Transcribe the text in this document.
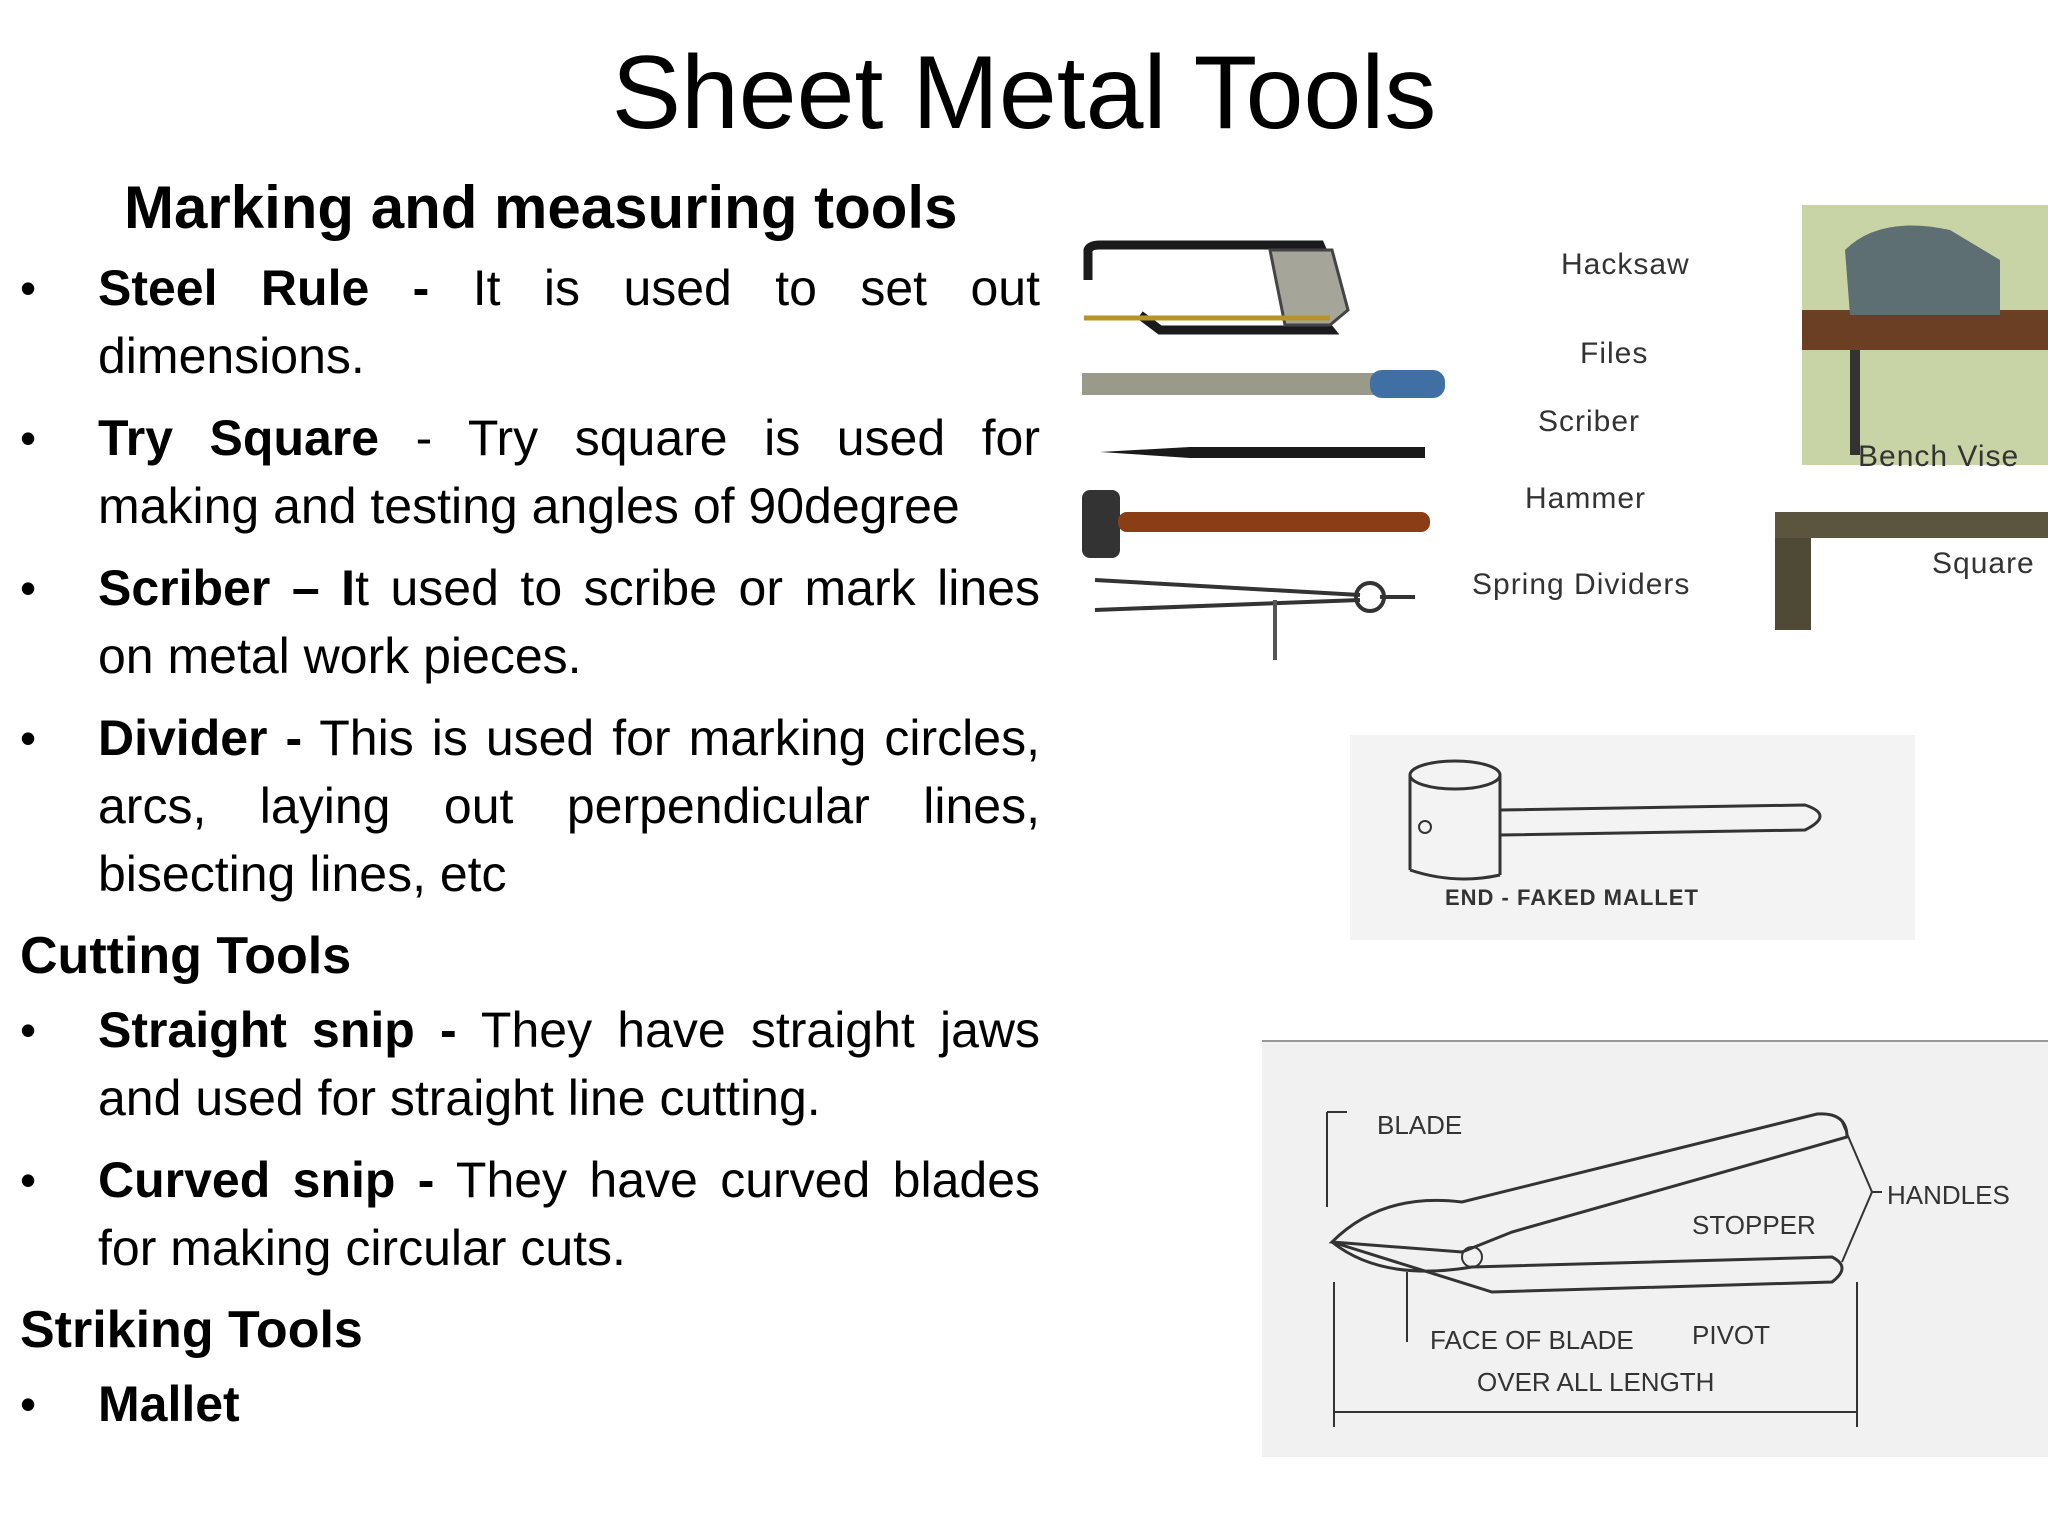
Sheet Metal Tools
Marking and measuring tools
• Steel Rule - It is used to set out dimensions.
• Try Square - Try square is used for making and testing angles of 90degree
• Scriber – It used to scribe or mark lines on metal work pieces.
• Divider - This is used for marking circles, arcs, laying out perpendicular lines, bisecting lines, etc
Cutting Tools
• Straight snip - They have straight jaws and used for straight line cutting.
• Curved snip - They have curved blades for making circular cuts.
Striking Tools
• Mallet
Hacksaw
Files
Scriber
Hammer
Spring Dividers
Bench Vise
Square
END - FAKED MALLET
BLADE
HANDLES
STOPPER
FACE OF BLADE PIVOT
OVER ALL LENGTH
